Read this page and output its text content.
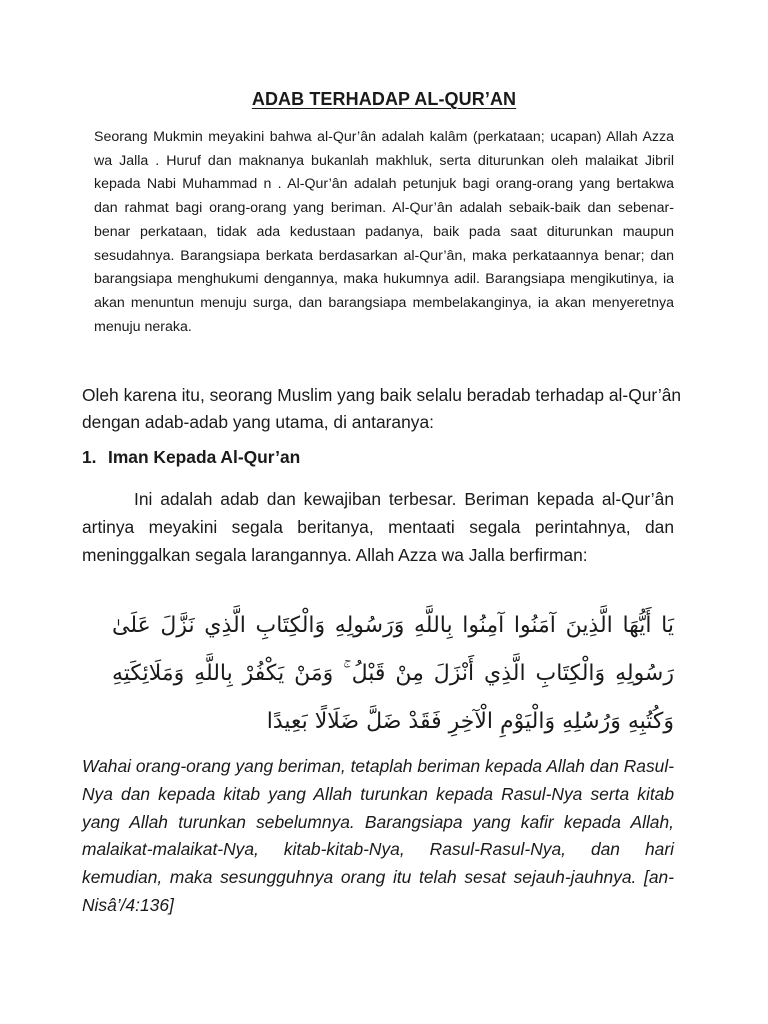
ADAB TERHADAP AL-QUR’AN

Seorang Mukmin meyakini bahwa al-Qur’ân adalah kalâm (perkataan; ucapan) Allah Azza wa Jalla . Huruf dan maknanya bukanlah makhluk, serta diturunkan oleh malaikat Jibril kepada Nabi Muhammad n . Al-Qur’ân adalah petunjuk bagi orang-orang yang bertakwa dan rahmat bagi orang-orang yang beriman. Al-Qur’ân adalah sebaik-baik dan sebenar-benar perkataan, tidak ada kedustaan padanya, baik pada saat diturunkan maupun sesudahnya. Barangsiapa berkata berdasarkan al-Qur’ân, maka perkataannya benar; dan barangsiapa menghukumi dengannya, maka hukumnya adil. Barangsiapa mengikutinya, ia akan menuntun menuju surga, dan barangsiapa membelakanginya, ia akan menyeretnya menuju neraka.

Oleh karena itu, seorang Muslim yang baik selalu beradab terhadap al-Qur’ân dengan adab-adab yang utama, di antaranya:

1. Iman Kepada Al-Qur’an

Ini adalah adab dan kewajiban terbesar. Beriman kepada al-Qur’ân artinya meyakini segala beritanya, mentaati segala perintahnya, dan meninggalkan segala larangannya. Allah Azza wa Jalla berfirman:

يَا أَيُّهَا الَّذِينَ آمَنُوا آمِنُوا بِاللَّهِ وَرَسُولِهِ وَالْكِتَابِ الَّذِي نَزَّلَ عَلَىٰ رَسُولِهِ وَالْكِتَابِ الَّذِي أَنْزَلَ مِنْ قَبْلُ ۚ وَمَنْ يَكْفُرْ بِاللَّهِ وَمَلَائِكَتِهِ وَكُتُبِهِ وَرُسُلِهِ وَالْيَوْمِ الْآخِرِ فَقَدْ ضَلَّ ضَلَالًا بَعِيدًا

Wahai orang-orang yang beriman, tetaplah beriman kepada Allah dan Rasul-Nya dan kepada kitab yang Allah turunkan kepada Rasul-Nya serta kitab yang Allah turunkan sebelumnya. Barangsiapa yang kafir kepada Allah, malaikat-malaikat-Nya, kitab-kitab-Nya, Rasul-Rasul-Nya, dan hari kemudian, maka sesungguhnya orang itu telah sesat sejauh-jauhnya. [an-Nisâ’/4:136]
